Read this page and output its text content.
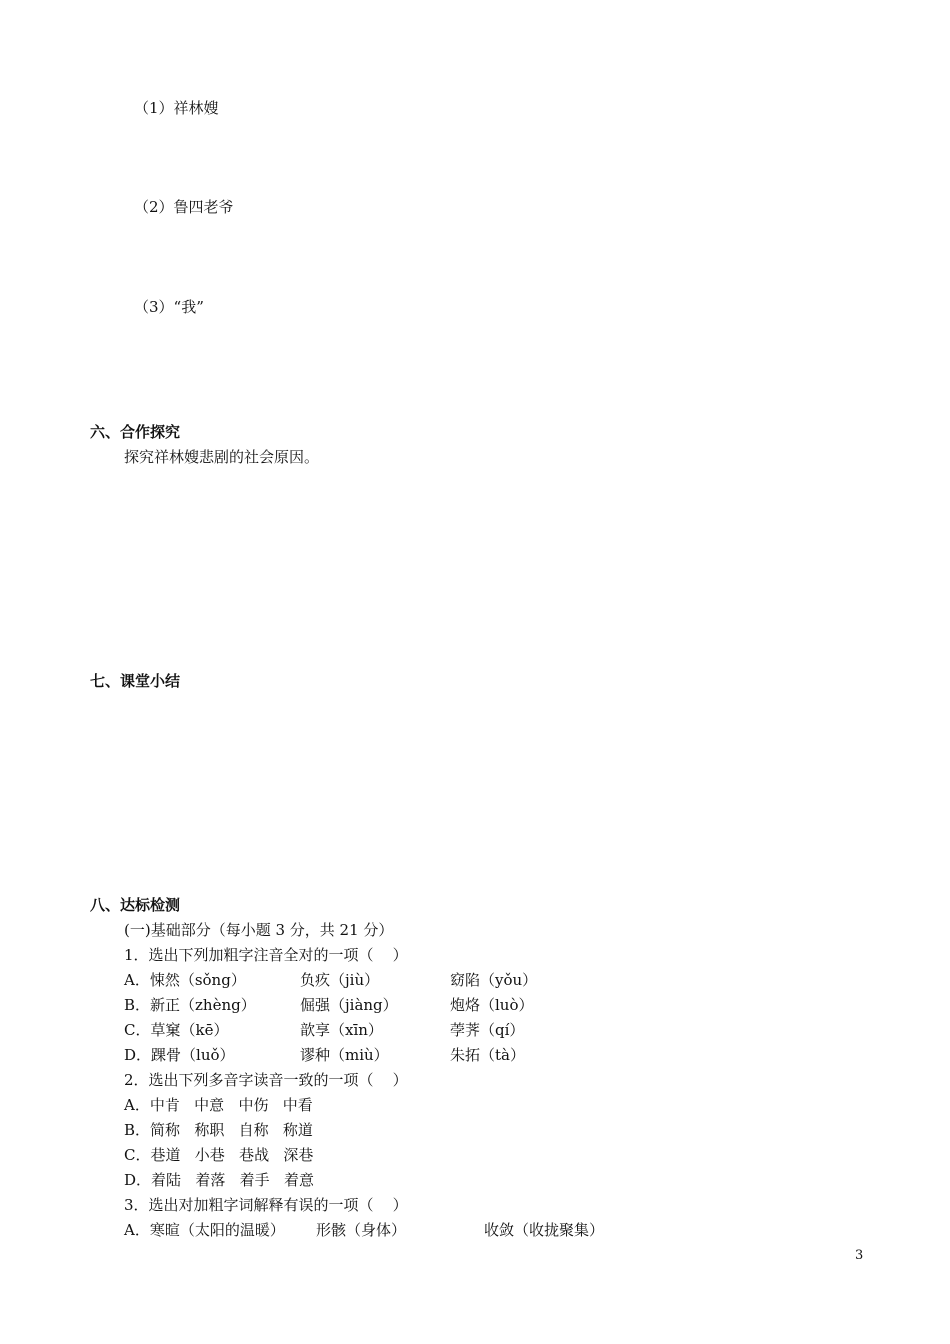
（1）祥林嫂
（2）鲁四老爷
（3）“我”
六、合作探究
探究祥林嫂悲剧的社会原因。
七、课堂小结
八、达标检测
(一)基础部分（每小题 3 分，共 21 分）
1．选出下列加粗字注音全对的一项（    ）
A．悚然（sǒng）	负疚（jiù）	窈陷（yǒu）
B．新正（zhèng）	倔强（jiàng）	炮烙（luò）
C．草窠（kē）	歆享（xīn）	荸荠（qí）
D．踝骨（luǒ）	谬种（miù）	朱拓（tà）
2．选出下列多音字读音一致的一项（    ）
A．中肯   中意   中伤   中看
B．简称   称职   自称   称道
C．巷道   小巷   巷战   深巷
D．着陆   着落   着手   着意
3．选出对加粗字词解释有误的一项（    ）
A．寒暄（太阳的温暖） 形骸（身体）	收敛（收拢聚集）
3
